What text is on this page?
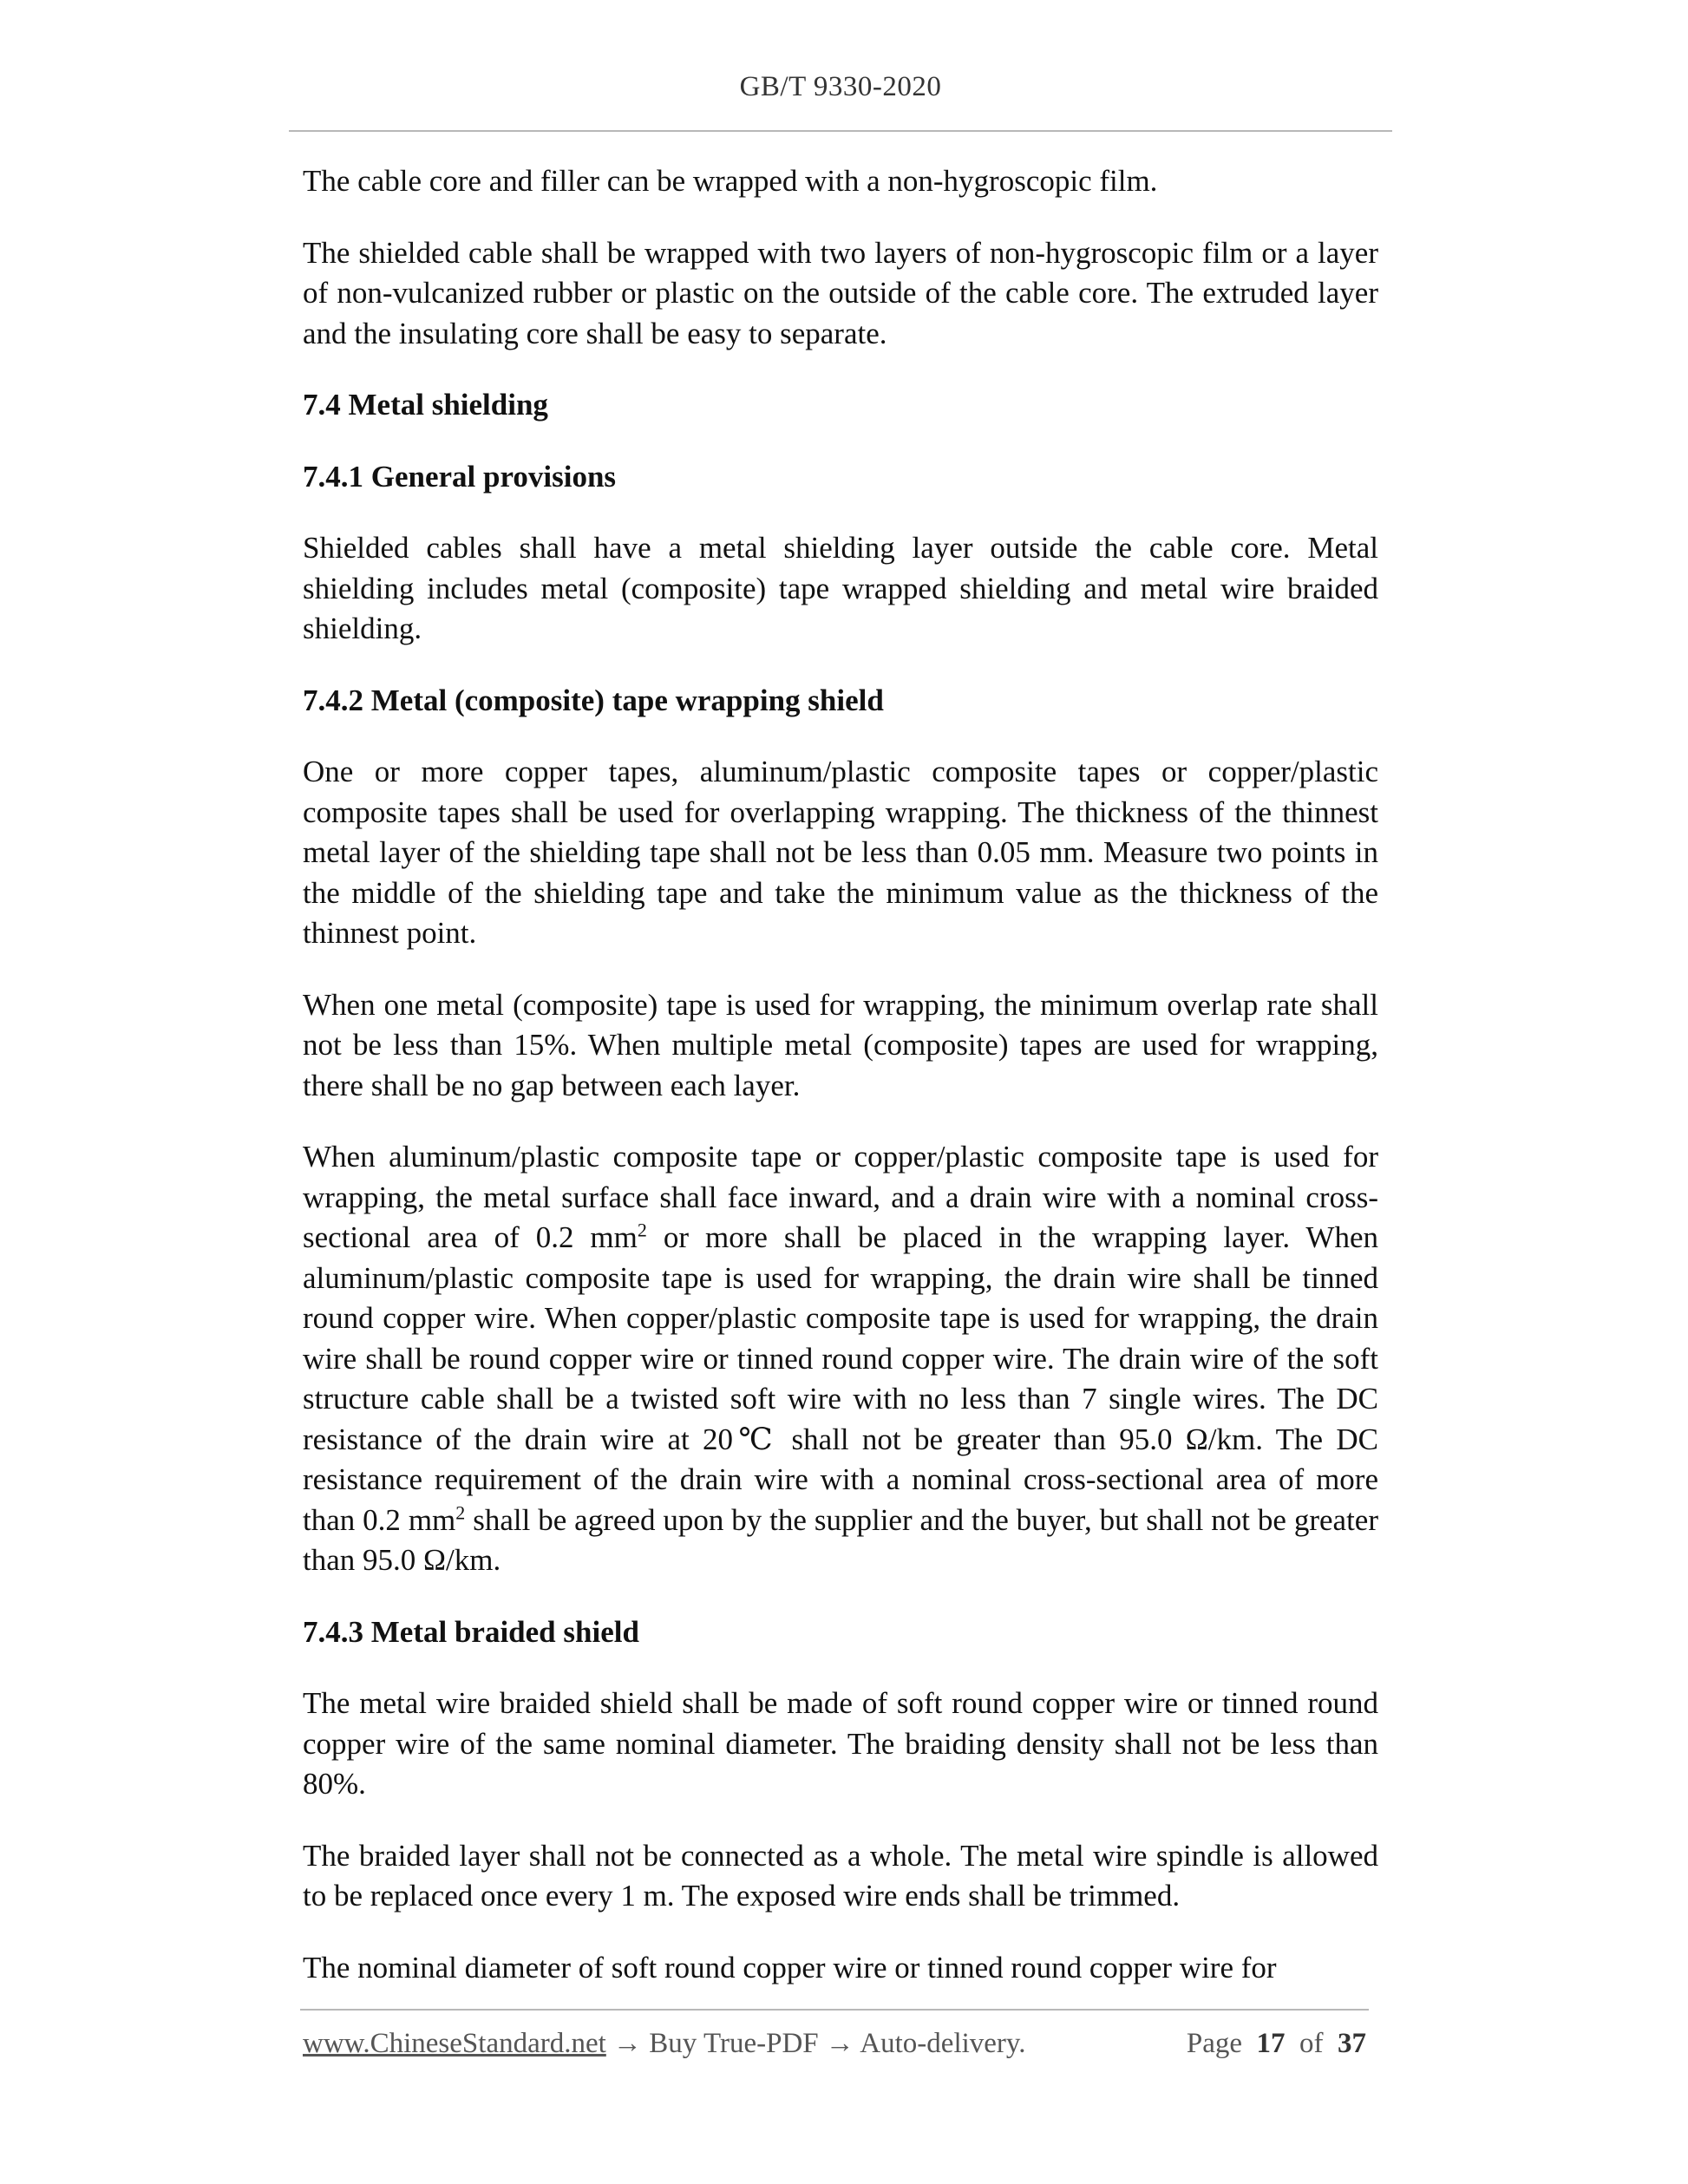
GB/T 9330-2020

The cable core and filler can be wrapped with a non-hygroscopic film.

The shielded cable shall be wrapped with two layers of non-hygroscopic film or a layer of non-vulcanized rubber or plastic on the outside of the cable core. The extruded layer and the insulating core shall be easy to separate.

7.4 Metal shielding
7.4.1 General provisions

Shielded cables shall have a metal shielding layer outside the cable core. Metal shielding includes metal (composite) tape wrapped shielding and metal wire braided shielding.

7.4.2 Metal (composite) tape wrapping shield

One or more copper tapes, aluminum/plastic composite tapes or copper/plastic composite tapes shall be used for overlapping wrapping. The thickness of the thinnest metal layer of the shielding tape shall not be less than 0.05 mm. Measure two points in the middle of the shielding tape and take the minimum value as the thickness of the thinnest point.

When one metal (composite) tape is used for wrapping, the minimum overlap rate shall not be less than 15%. When multiple metal (composite) tapes are used for wrapping, there shall be no gap between each layer.

When aluminum/plastic composite tape or copper/plastic composite tape is used for wrapping, the metal surface shall face inward, and a drain wire with a nominal cross-sectional area of 0.2 $mm^2$ or more shall be placed in the wrapping layer. When aluminum/plastic composite tape is used for wrapping, the drain wire shall be tinned round copper wire. When copper/plastic composite tape is used for wrapping, the drain wire shall be round copper wire or tinned round copper wire. The drain wire of the soft structure cable shall be a twisted soft wire with no less than 7 single wires. The DC resistance of the drain wire at 20℃ shall not be greater than 95.0 Ω/km. The DC resistance requirement of the drain wire with a nominal cross-sectional area of more than 0.2 $mm^2$ shall be agreed upon by the supplier and the buyer, but shall not be greater than 95.0 Ω/km.

7.4.3 Metal braided shield

The metal wire braided shield shall be made of soft round copper wire or tinned round copper wire of the same nominal diameter. The braiding density shall not be less than 80%.

The braided layer shall not be connected as a whole. The metal wire spindle is allowed to be replaced once every 1 m. The exposed wire ends shall be trimmed.

The nominal diameter of soft round copper wire or tinned round copper wire for

www.ChineseStandard.net → Buy True-PDF → Auto-delivery.	Page 17 of 37
